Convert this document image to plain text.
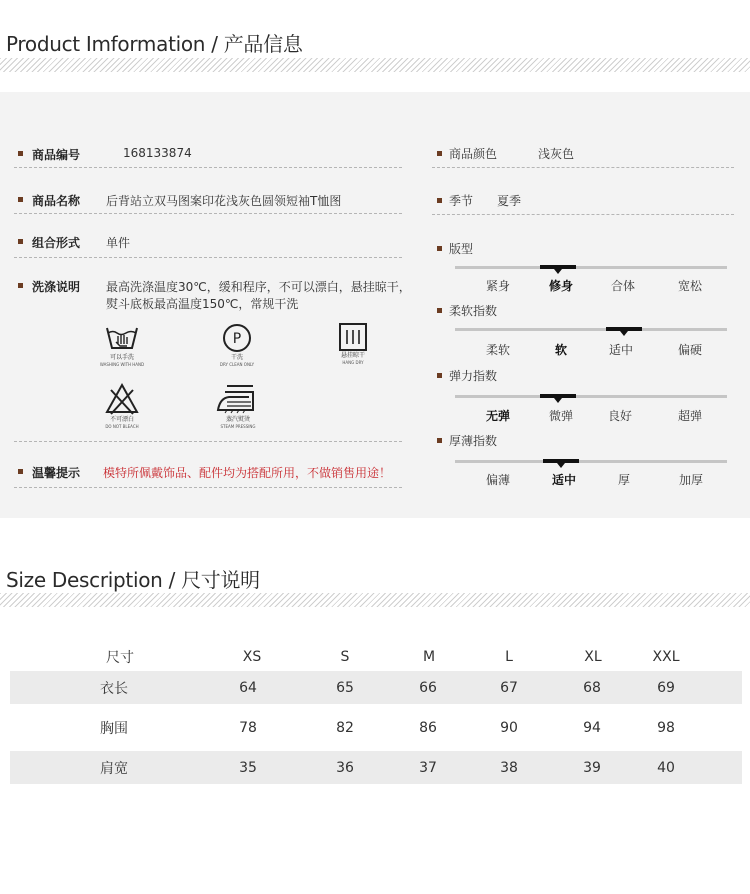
Product Imformation / 产品信息
商品编号	168133874
商品名称 后背站立双马图案印花浅灰色圆领短袖T恤图
组合形式 单件
洗涤说明 最高洗涤温度30℃，缓和程序，不可以漂白，悬挂晾干，
熨斗底板最高温度150℃，常规干洗
可以手洗
WASHING WITH HAND
P
干洗
DRY CLEAN ONLY
悬挂晾干
HANG DRY
不可漂白
DO NOT BLEACH
蒸汽熨烫
STEAM PRESSING
温馨提示 模特所佩戴饰品、配件均为搭配所用，不做销售用途！
商品颜色	浅灰色
季节 夏季
版型
紧身	修身	合体	宽松
柔软指数
柔软	软	适中	偏硬
弹力指数
无弹	微弹	良好	超弹
厚薄指数
偏薄	适中	厚	加厚
Size Description / 尺寸说明
尺寸	XS	S	M	L	XL	XXL
衣长	64	65	66	67	68	69
胸围	78	82	86	90	94	98
肩宽	35	36	37	38	39	40
